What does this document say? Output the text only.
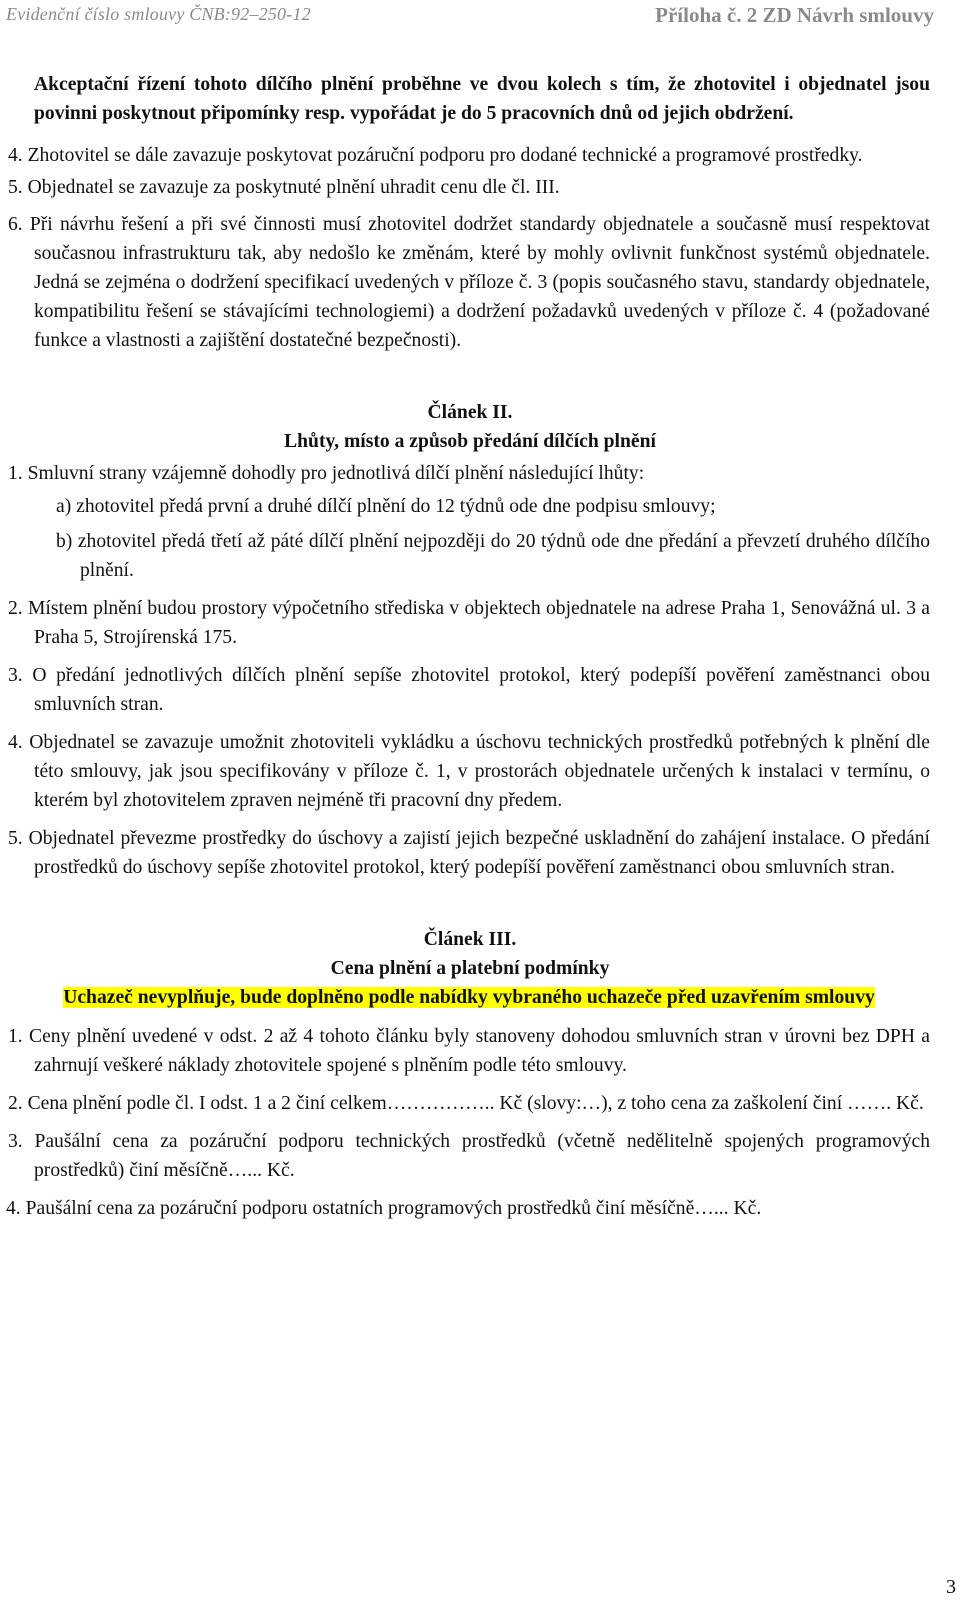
Evidenční číslo smlouvy ČNB:92–250-12	Příloha č. 2 ZD Návrh smlouvy

Akceptační řízení tohoto dílčího plnění proběhne ve dvou kolech s tím, že zhotovitel i objednatel jsou povinni poskytnout připomínky resp. vypořádat je do 5 pracovních dnů od jejich obdržení.

4. Zhotovitel se dále zavazuje poskytovat pozáruční podporu pro dodané technické a programové prostředky.

5. Objednatel se zavazuje za poskytnuté plnění uhradit cenu dle čl. III.

6. Při návrhu řešení a při své činnosti musí zhotovitel dodržet standardy objednatele a současně musí respektovat současnou infrastrukturu tak, aby nedošlo ke změnám, které by mohly ovlivnit funkčnost systémů objednatele. Jedná se zejména o dodržení specifikací uvedených v příloze č. 3 (popis současného stavu, standardy objednatele, kompatibilitu řešení se stávajícími technologiemi) a dodržení požadavků uvedených v příloze č. 4 (požadované funkce a vlastnosti a zajištění dostatečné bezpečnosti).

Článek II.

Lhůty, místo a způsob předání dílčích plnění

1. Smluvní strany vzájemně dohodly pro jednotlivá dílčí plnění následující lhůty:

a) zhotovitel předá první a druhé dílčí plnění do 12 týdnů ode dne podpisu smlouvy;

b) zhotovitel předá třetí až páté dílčí plnění nejpozději do 20 týdnů ode dne předání a převzetí druhého dílčího plnění.

2. Místem plnění budou prostory výpočetního střediska v objektech objednatele na adrese Praha 1, Senovážná ul. 3 a Praha 5, Strojírenská 175.

3. O předání jednotlivých dílčích plnění sepíše zhotovitel protokol, který podepíší pověření zaměstnanci obou smluvních stran.

4. Objednatel se zavazuje umožnit zhotoviteli vykládku a úschovu technických prostředků potřebných k plnění dle této smlouvy, jak jsou specifikovány v příloze č. 1, v prostorách objednatele určených k instalaci v termínu, o kterém byl zhotovitelem zpraven nejméně tři pracovní dny předem.

5. Objednatel převezme prostředky do úschovy a zajistí jejich bezpečné uskladnění do zahájení instalace. O předání prostředků do úschovy sepíše zhotovitel protokol, který podepíší pověření zaměstnanci obou smluvních stran.

Článek III.

Cena plnění a platební podmínky

Uchazeč nevyplňuje, bude doplněno podle nabídky vybraného uchazeče před uzavřením smlouvy

1. Ceny plnění uvedené v odst. 2 až 4 tohoto článku byly stanoveny dohodou smluvních stran v úrovni bez DPH a zahrnují veškeré náklady zhotovitele spojené s plněním podle této smlouvy.

2. Cena plnění podle čl. I odst. 1 a 2 činí celkem…………….. Kč (slovy:…), z toho cena za zaškolení činí ……. Kč.

3. Paušální cena za pozáruční podporu technických prostředků (včetně nedělitelně spojených programových prostředků) činí měsíčně…... Kč.

4. Paušální cena za pozáruční podporu ostatních programových prostředků činí měsíčně…... Kč.

3
